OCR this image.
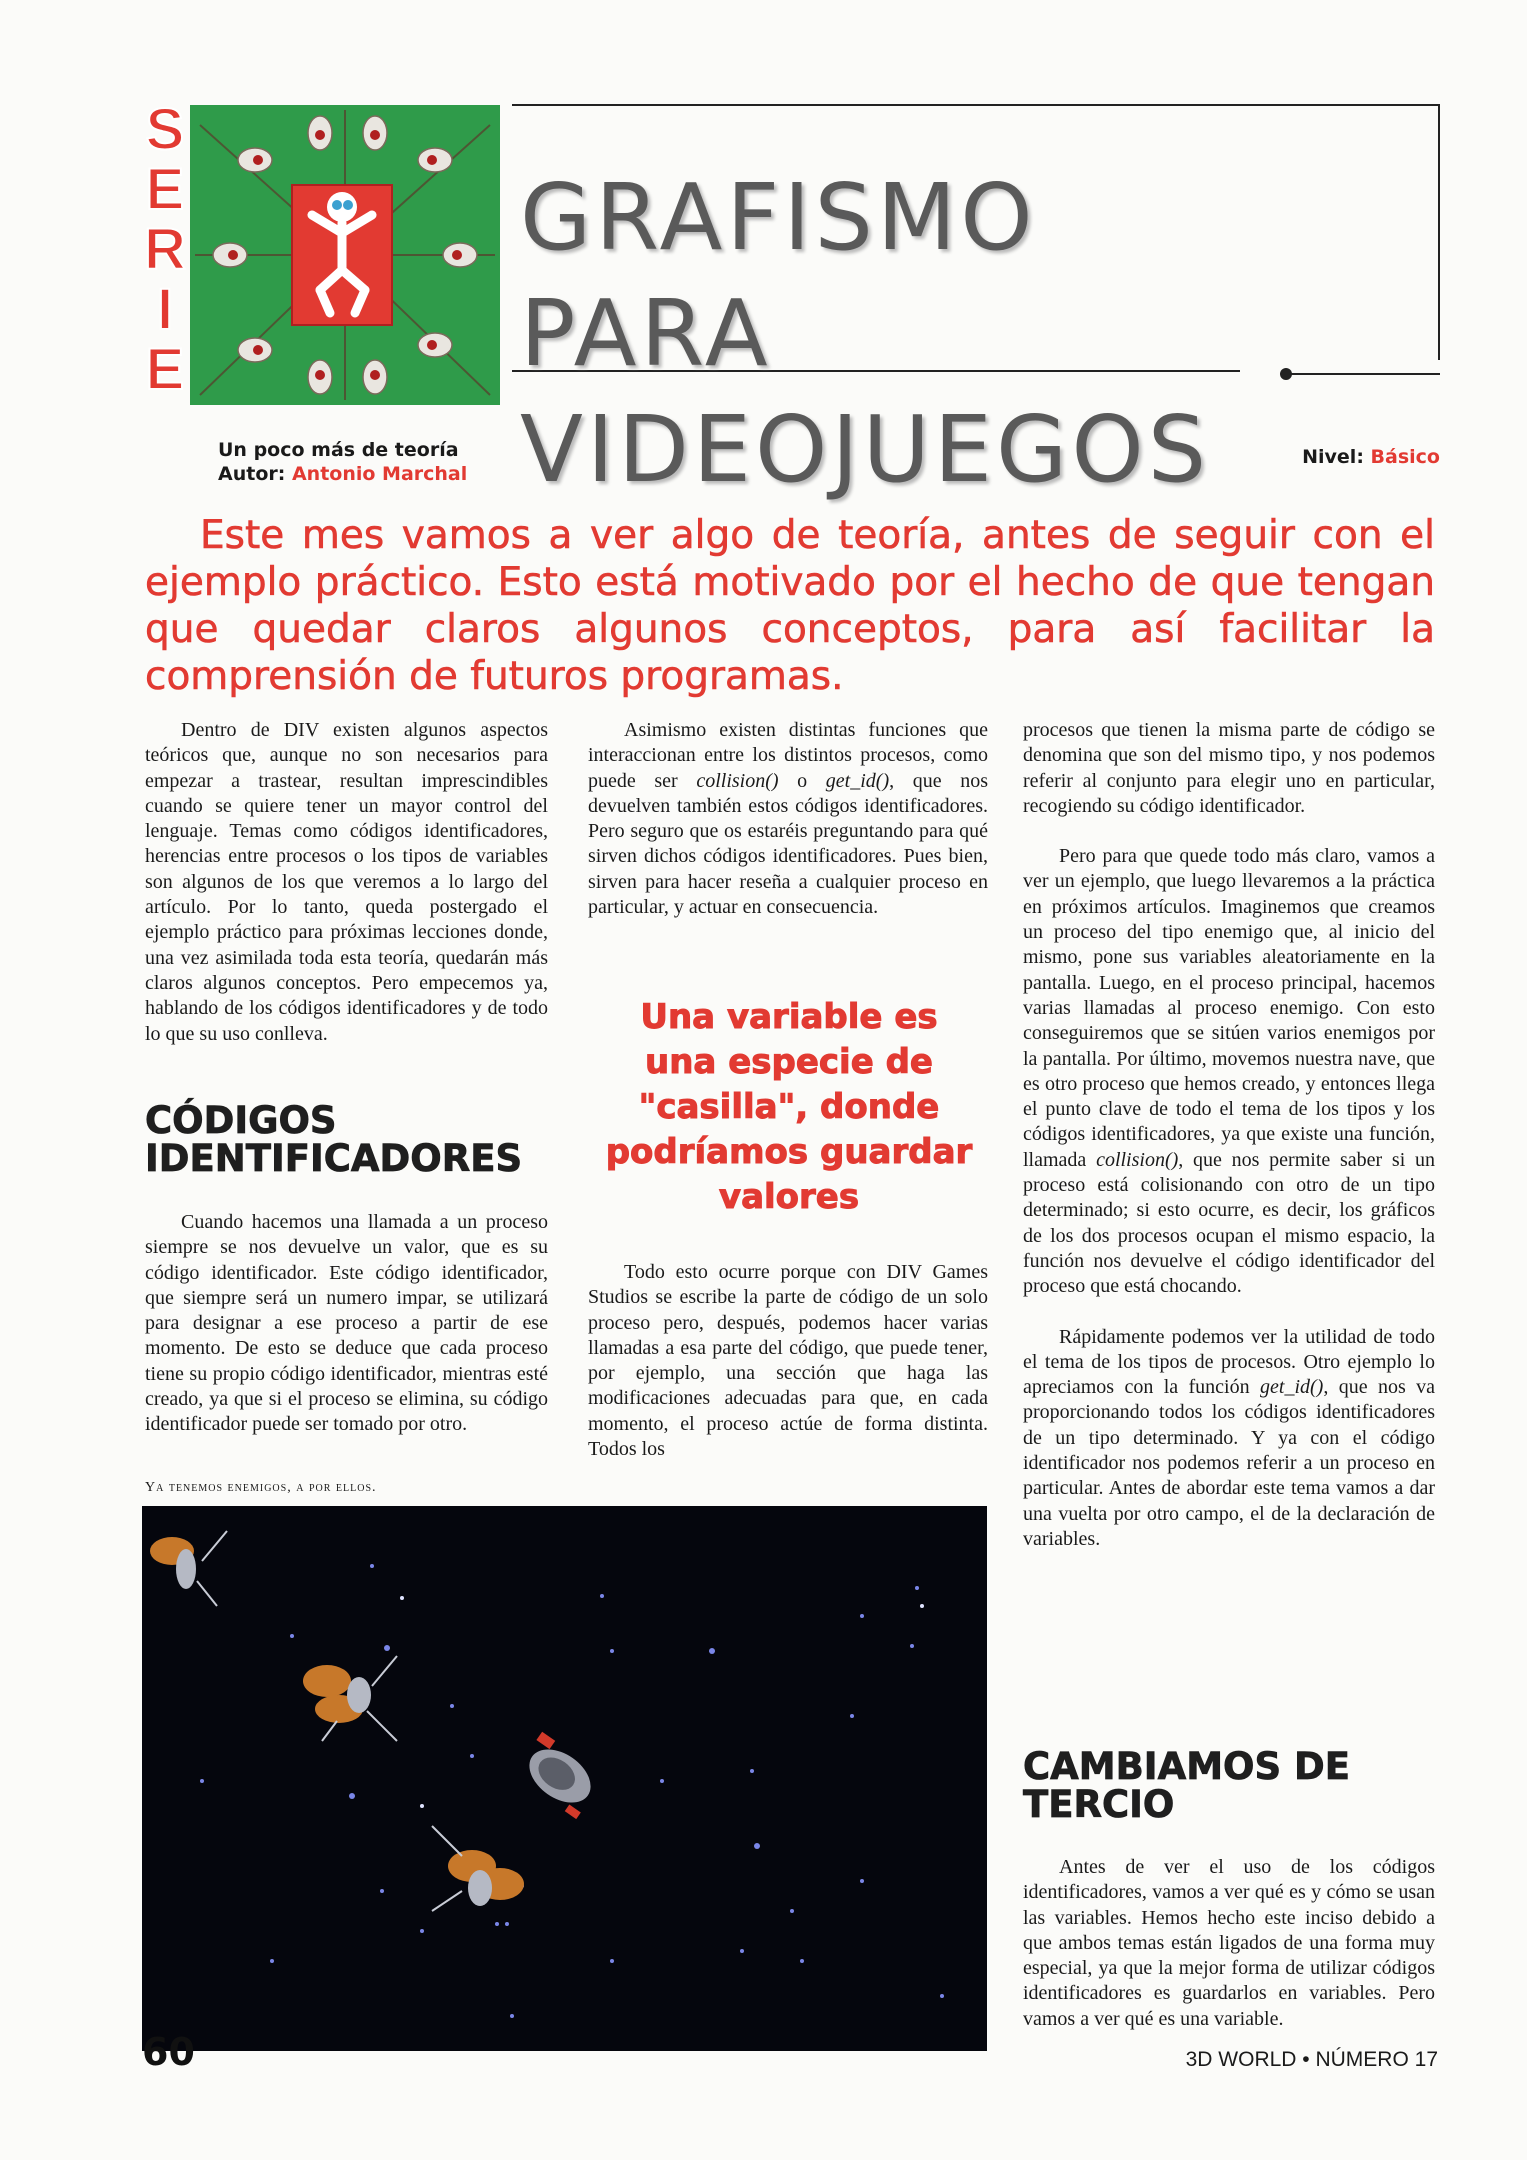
S
E
R
I
E
GRAFISMO PARA
VIDEOJUEGOS
Un poco más de teoría
Autor: Antonio Marchal
Nivel: Básico
Este mes vamos a ver algo de teoría, antes de seguir con el ejemplo práctico. Esto está motivado por el hecho de que tengan que quedar claros algunos conceptos, para así facilitar la comprensión de futuros programas.

Dentro de DIV existen algunos aspectos teóricos que, aunque no son necesarios para empezar a trastear, resultan imprescindibles cuando se quiere tener un mayor control del lenguaje. Temas como códigos identificadores, herencias entre procesos o los tipos de variables son algunos de los que veremos a lo largo del artículo. Por lo tanto, queda postergado el ejemplo práctico para próximas lecciones donde, una vez asimilada toda esta teoría, quedarán más claros algunos conceptos. Pero empecemos ya, hablando de los códigos identificadores y de todo lo que su uso conlleva.

CÓDIGOS
IDENTIFICADORES

Cuando hacemos una llamada a un proceso siempre se nos devuelve un valor, que es su código identificador. Este código identificador, que siempre será un numero impar, se utilizará para designar a ese proceso a partir de ese momento. De esto se deduce que cada proceso tiene su propio código identificador, mientras esté creado, ya que si el proceso se elimina, su código identificador puede ser tomado por otro.

Asimismo existen distintas funciones que interaccionan entre los distintos procesos, como puede ser collision() o get_id(), que nos devuelven también estos códigos identificadores. Pero seguro que os estaréis preguntando para qué sirven dichos códigos identificadores. Pues bien, sirven para hacer reseña a cualquier proceso en particular, y actuar en consecuencia.

Una variable es una especie de "casilla", donde podríamos guardar valores

Todo esto ocurre porque con DIV Games Studios se escribe la parte de código de un solo proceso pero, después, podemos hacer varias llamadas a esa parte del código, que puede tener, por ejemplo, una sección que haga las modificaciones adecuadas para que, en cada momento, el proceso actúe de forma distinta. Todos los

procesos que tienen la misma parte de código se denomina que son del mismo tipo, y nos podemos referir al conjunto para elegir uno en particular, recogiendo su código identificador.

Pero para que quede todo más claro, vamos a ver un ejemplo, que luego llevaremos a la práctica en próximos artículos. Imaginemos que creamos un proceso del tipo enemigo que, al inicio del mismo, pone sus variables aleatoriamente en la pantalla. Luego, en el proceso principal, hacemos varias llamadas al proceso enemigo. Con esto conseguiremos que se sitúen varios enemigos por la pantalla. Por último, movemos nuestra nave, que es otro proceso que hemos creado, y entonces llega el punto clave de todo el tema de los tipos y los códigos identificadores, ya que existe una función, llamada collision(), que nos permite saber si un proceso está colisionando con otro de un tipo determinado; si esto ocurre, es decir, los gráficos de los dos procesos ocupan el mismo espacio, la función nos devuelve el código identificador del proceso que está chocando.

Rápidamente podemos ver la utilidad de todo el tema de los tipos de procesos. Otro ejemplo lo apreciamos con la función get_id(), que nos va proporcionando todos los códigos identificadores de un tipo determinado. Y ya con el código identificador nos podemos referir a un proceso en particular. Antes de abordar este tema vamos a dar una vuelta por otro campo, el de la declaración de variables.

CAMBIAMOS DE
TERCIO

Antes de ver el uso de los códigos identificadores, vamos a ver qué es y cómo se usan las variables. Hemos hecho este inciso debido a que ambos temas están ligados de una forma muy especial, ya que la mejor forma de utilizar códigos identificadores es guardarlos en variables. Pero vamos a ver qué es una variable.

Ya tenemos enemigos, a por ellos.
60	3D WORLD • NÚMERO 17
